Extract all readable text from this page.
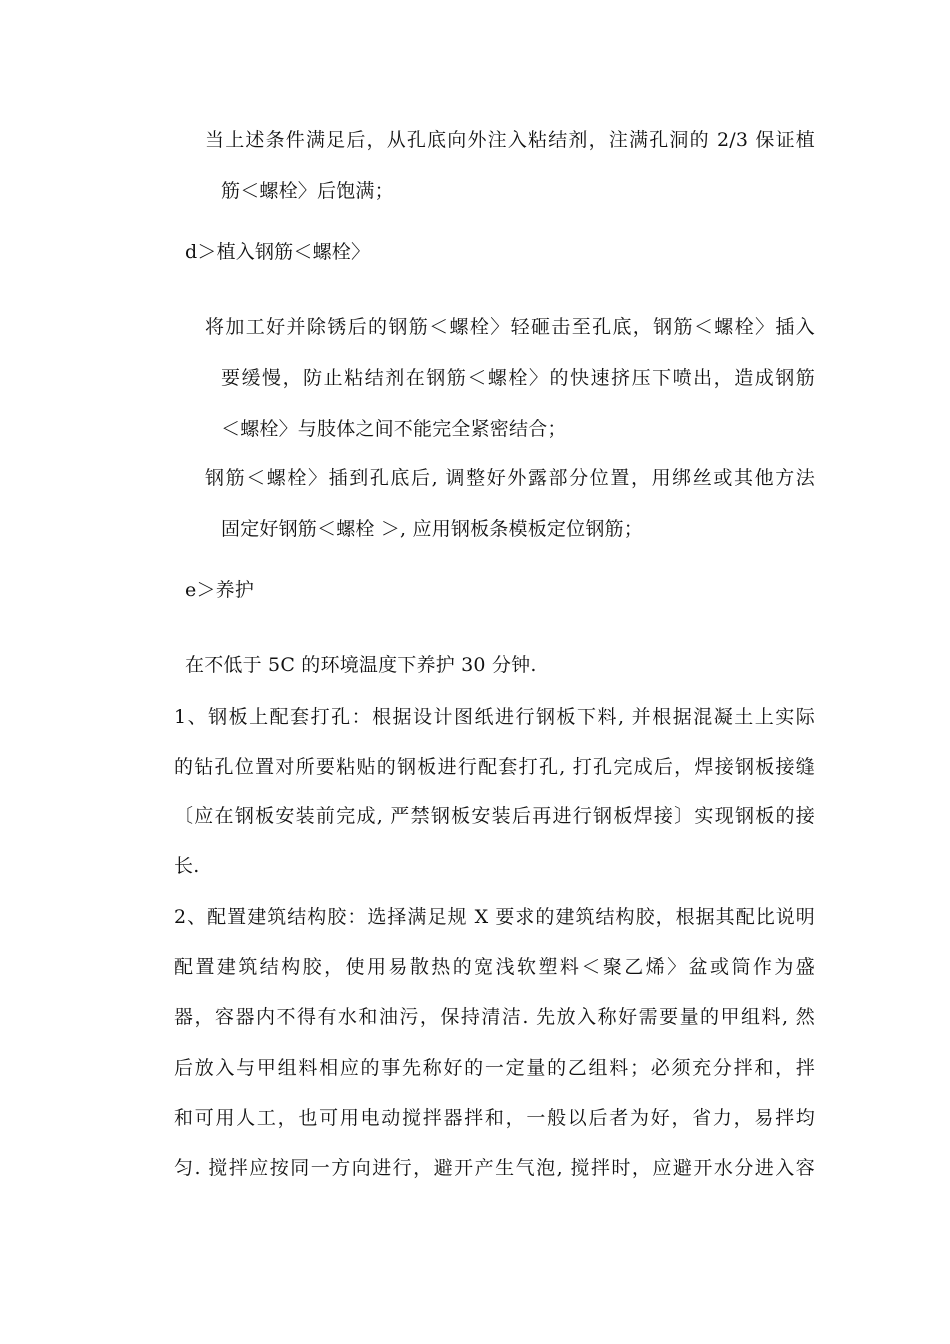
当上述条件满足后，从孔底向外注入粘结剂，注满孔洞的 2/3 保证植
筋＜螺栓〉后饱满；
d＞植入钢筋＜螺栓〉
将加工好并除锈后的钢筋＜螺栓〉轻砸击至孔底，钢筋＜螺栓〉插入
要缓慢，防止粘结剂在钢筋＜螺栓〉的快速挤压下喷出，造成钢筋
＜螺栓〉与肢体之间不能完全紧密结合；
钢筋＜螺栓〉插到孔底后, 调整好外露部分位置，用绑丝或其他方法
固定好钢筋＜螺栓 ＞, 应用钢板条模板定位钢筋；
e＞养护
在不低于 5C 的环境温度下养护 30 分钟.
1、钢板上配套打孔：根据设计图纸进行钢板下料, 并根据混凝土上实际
的钻孔位置对所要粘贴的钢板进行配套打孔, 打孔完成后，焊接钢板接缝
〔应在钢板安装前完成, 严禁钢板安装后再进行钢板焊接〕实现钢板的接
长.
2、配置建筑结构胶：选择满足规 X 要求的建筑结构胶，根据其配比说明
配置建筑结构胶，使用易散热的宽浅软塑料＜聚乙烯〉盆或筒作为盛
器，容器内不得有水和油污，保持清洁. 先放入称好需要量的甲组料, 然
后放入与甲组料相应的事先称好的一定量的乙组料；必须充分拌和，拌
和可用人工，也可用电动搅拌器拌和，一般以后者为好，省力，易拌均
匀. 搅拌应按同一方向进行，避开产生气泡, 搅拌时，应避开水分进入容
